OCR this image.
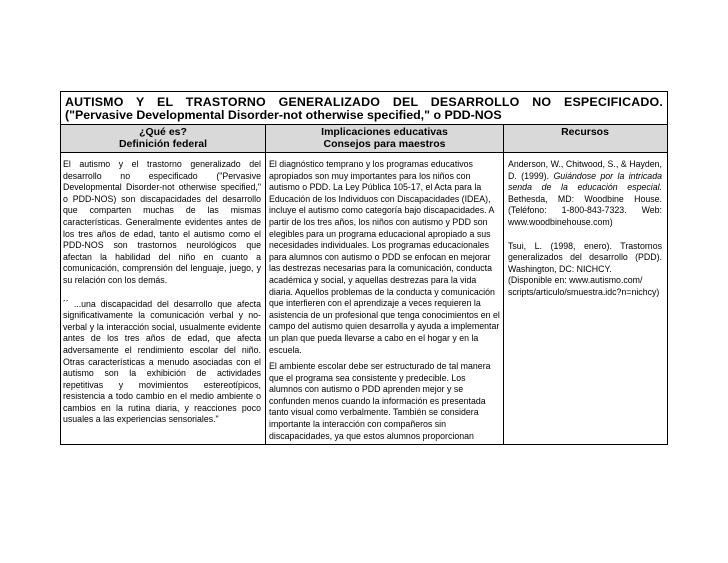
AUTISMO Y EL TRASTORNO GENERALIZADO DEL DESARROLLO NO ESPECIFICADO.
("Pervasive Developmental Disorder-not otherwise specified," o PDD-NOS
¿Qué es?
Definición federal
Implicaciones educativas
Consejos para maestros
Recursos

El autismo y el trastorno generalizado del desarrollo no especificado ("Pervasive Developmental Disorder-not otherwise specified," o PDD-NOS) son discapacidades del desarrollo que comparten muchas de las mismas características. Generalmente evidentes antes de los tres años de edad, tanto el autismo como el PDD-NOS son trastornos neurológicos que afectan la habilidad del niño en cuanto a comunicación, comprensión del lenguaje, juego, y su relación con los demás.

´´ ...una discapacidad del desarrollo que afecta significativamente la comunicación verbal y no-verbal y la interacción social, usualmente evidente antes de los tres años de edad, que afecta adversamente el rendimiento escolar del niño. Otras características a menudo asociadas con el autismo son la exhibición de actividades repetitivas y movimientos estereotípicos, resistencia a todo cambio en el medio ambiente o cambios en la rutina diaria, y reacciones poco usuales a las experiencias sensoriales."

El diagnóstico temprano y los programas educativos apropiados son muy importantes para los niños con autismo o PDD. La Ley Pública 105-17, el Acta para la Educación de los Individuos con Discapacidades (IDEA), incluye el autismo como categoría bajo discapacidades. A partir de los tres años, los niños con autismo y PDD son elegibles para un programa educacional apropiado a sus necesidades individuales. Los programas educacionales para alumnos con autismo o PDD se enfocan en mejorar las destrezas necesarias para la comunicación, conducta académica y social, y aquellas destrezas para la vida diaria. Aquellos problemas de la conducta y comunicación que interfieren con el aprendizaje a veces requieren la asistencia de un profesional que tenga conocimientos en el campo del autismo quien desarrolla y ayuda a implementar un plan que pueda llevarse a cabo en el hogar y en la escuela.

El ambiente escolar debe ser estructurado de tal manera que el programa sea consistente y predecible. Los alumnos con autismo o PDD aprenden mejor y se confunden menos cuando la información es presentada tanto visual como verbalmente. También se considera importante la interacción con compañeros sin discapacidades, ya que estos alumnos proporcionan

Anderson, W., Chitwood, S., & Hayden, D. (1999). Guiándose por la intricada senda de la educación especial. Bethesda, MD: Woodbine House. (Teléfono: 1-800-843-7323. Web: www.woodbinehouse.com)

Tsui, L. (1998, enero). Trastornos generalizados del desarrollo (PDD). Washington, DC: NICHCY.

(Disponible en: www.autismo.com/ scripts/articulo/smuestra.idc?n=nichcy)
